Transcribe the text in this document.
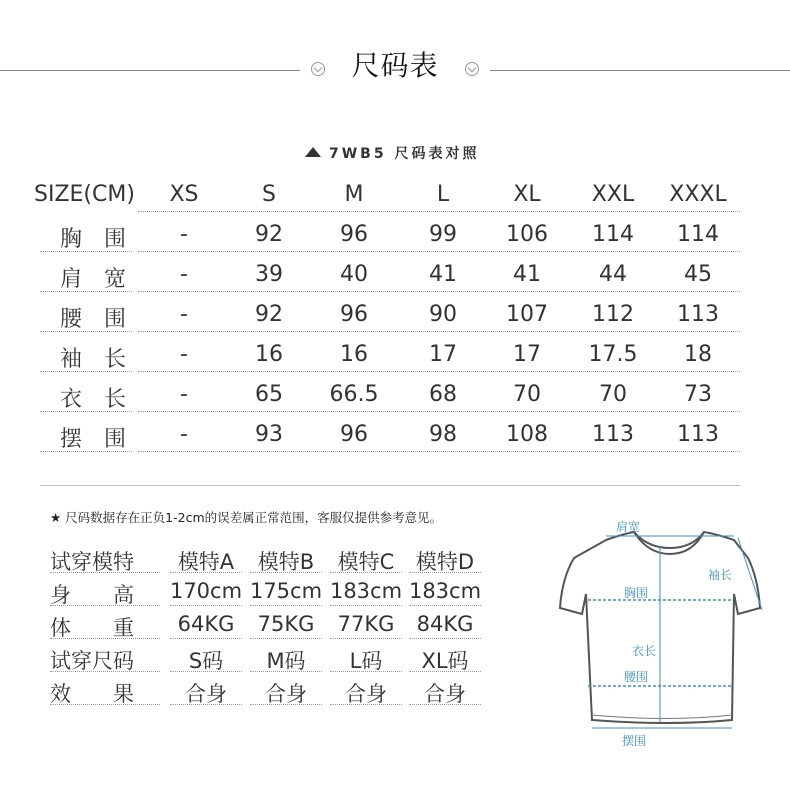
尺码表
7WB5 尺码表对照
SIZE(CM) XS	S	M	L	XL XXL XXXL
胸　围 -	92	96	99 106 114 114
肩　宽 -	39	40	41	41	44	45
腰　围 -	92	96	90 107 112 113
袖　长 -	16	16	17	17 17.5 18
衣　长 -	65 66.5 68	70	70	73
摆　围 -	93	96	98 108 113 113
★ 尺码数据存在正负1-2cm的误差属正常范围，客服仅提供参考意见。
试穿模特 模特A 模特B 模特C 模特D
身　　高 170cm 175cm 183cm 183cm
体　　重 64KG 75KG 77KG 84KG
试穿尺码	S码 M码 L码 XL码
效　　果 合身 合身 合身 合身
肩宽
袖长
胸围
衣长
腰围
摆围
